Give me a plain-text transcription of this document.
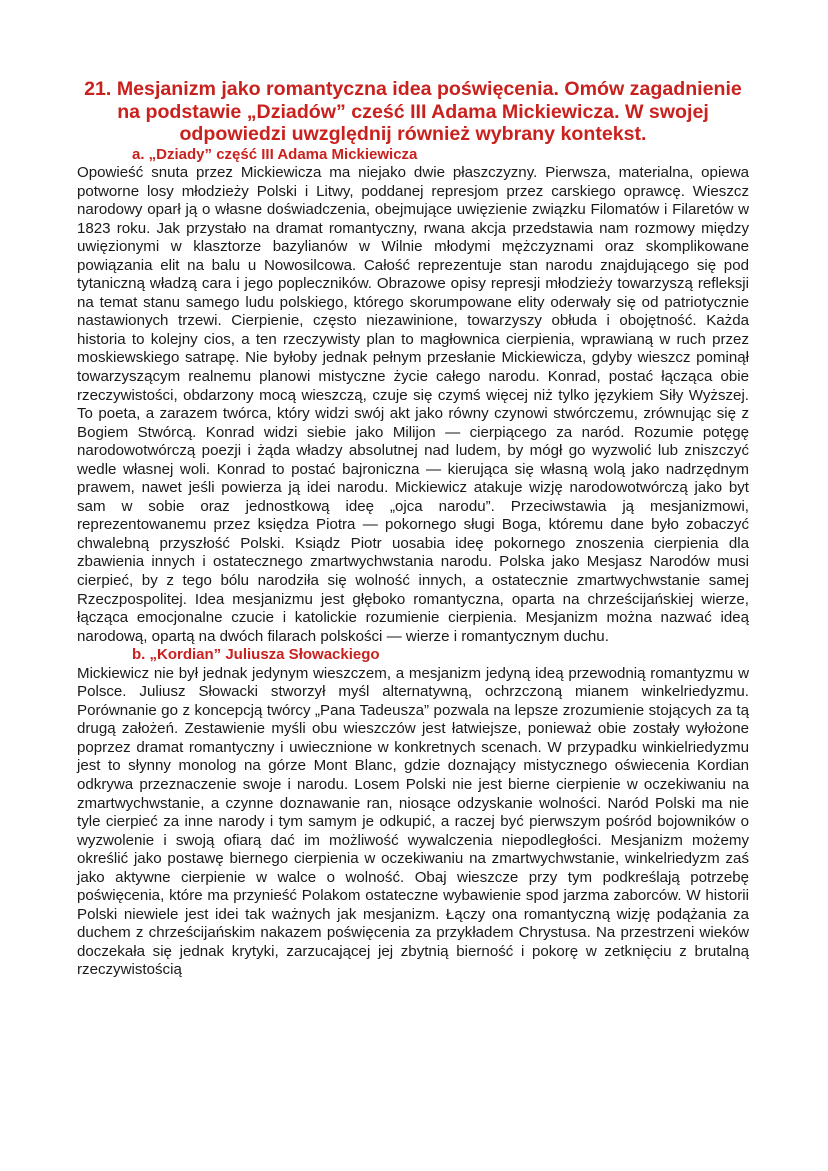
21. Mesjanizm jako romantyczna idea poświęcenia. Omów zagadnienie na podstawie „Dziadów” cześć III Adama Mickiewicza. W swojej odpowiedzi uwzględnij również wybrany kontekst.
a. „Dziady” część III Adama Mickiewicza

Opowieść snuta przez Mickiewicza ma niejako dwie płaszczyzny. Pierwsza, materialna, opiewa potworne losy młodzieży Polski i Litwy, poddanej represjom przez carskiego oprawcę. Wieszcz narodowy oparł ją o własne doświadczenia, obejmujące uwięzienie związku Filomatów i Filaretów w 1823 roku. Jak przystało na dramat romantyczny, rwana akcja przedstawia nam rozmowy między uwięzionymi w klasztorze bazylianów w Wilnie młodymi mężczyznami oraz skomplikowane powiązania elit na balu u Nowosilcowa. Całość reprezentuje stan narodu znajdującego się pod tytaniczną władzą cara i jego popleczników. Obrazowe opisy represji młodzieży towarzyszą refleksji na temat stanu samego ludu polskiego, którego skorumpowane elity oderwały się od patriotycznie nastawionych trzewi. Cierpienie, często niezawinione, towarzyszy obłuda i obojętność. Każda historia to kolejny cios, a ten rzeczywisty plan to magłownica cierpienia, wprawianą w ruch przez moskiewskiego satrapę. Nie byłoby jednak pełnym przesłanie Mickiewicza, gdyby wieszcz pominął towarzyszącym realnemu planowi mistyczne życie całego narodu. Konrad, postać łącząca obie rzeczywistości, obdarzony mocą wieszczą, czuje się czymś więcej niż tylko językiem Siły Wyższej. To poeta, a zarazem twórca, który widzi swój akt jako równy czynowi stwórczemu, zrównując się z Bogiem Stwórcą. Konrad widzi siebie jako Milijon — cierpiącego za naród. Rozumie potęgę narodowotwórczą poezji i żąda władzy absolutnej nad ludem, by mógł go wyzwolić lub zniszczyć wedle własnej woli. Konrad to postać bajroniczna — kierująca się własną wolą jako nadrzędnym prawem, nawet jeśli powierza ją idei narodu. Mickiewicz atakuje wizję narodowotwórczą jako byt sam w sobie oraz jednostkową ideę „ojca narodu”. Przeciwstawia ją mesjanizmowi, reprezentowanemu przez księdza Piotra — pokornego sługi Boga, któremu dane było zobaczyć chwalebną przyszłość Polski. Ksiądz Piotr uosabia ideę pokornego znoszenia cierpienia dla zbawienia innych i ostatecznego zmartwychwstania narodu. Polska jako Mesjasz Narodów musi cierpieć, by z tego bólu narodziła się wolność innych, a ostatecznie zmartwychwstanie samej Rzeczpospolitej. Idea mesjanizmu jest głęboko romantyczna, oparta na chrześcijańskiej wierze, łącząca emocjonalne czucie i katolickie rozumienie cierpienia. Mesjanizm można nazwać ideą narodową, opartą na dwóch filarach polskości — wierze i romantycznym duchu.

b. „Kordian” Juliusza Słowackiego

Mickiewicz nie był jednak jedynym wieszczem, a mesjanizm jedyną ideą przewodnią romantyzmu w Polsce. Juliusz Słowacki stworzył myśl alternatywną, ochrzczoną mianem winkelriedyzmu. Porównanie go z koncepcją twórcy „Pana Tadeusza” pozwala na lepsze zrozumienie stojących za tą drugą założeń. Zestawienie myśli obu wieszczów jest łatwiejsze, ponieważ obie zostały wyłożone poprzez dramat romantyczny i uwiecznione w konkretnych scenach. W przypadku winkielriedyzmu jest to słynny monolog na górze Mont Blanc, gdzie doznający mistycznego oświecenia Kordian odkrywa przeznaczenie swoje i narodu. Losem Polski nie jest bierne cierpienie w oczekiwaniu na zmartwychwstanie, a czynne doznawanie ran, niosące odzyskanie wolności. Naród Polski ma nie tyle cierpieć za inne narody i tym samym je odkupić, a raczej być pierwszym pośród bojowników o wyzwolenie i swoją ofiarą dać im możliwość wywalczenia niepodległości. Mesjanizm możemy określić jako postawę biernego cierpienia w oczekiwaniu na zmartwychwstanie, winkelriedyzm zaś jako aktywne cierpienie w walce o wolność. Obaj wieszcze przy tym podkreślają potrzebę poświęcenia, które ma przynieść Polakom ostateczne wybawienie spod jarzma zaborców. W historii Polski niewiele jest idei tak ważnych jak mesjanizm. Łączy ona romantyczną wizję podążania za duchem z chrześcijańskim nakazem poświęcenia za przykładem Chrystusa. Na przestrzeni wieków doczekała się jednak krytyki, zarzucającej jej zbytnią bierność i pokorę w zetknięciu z brutalną rzeczywistością
